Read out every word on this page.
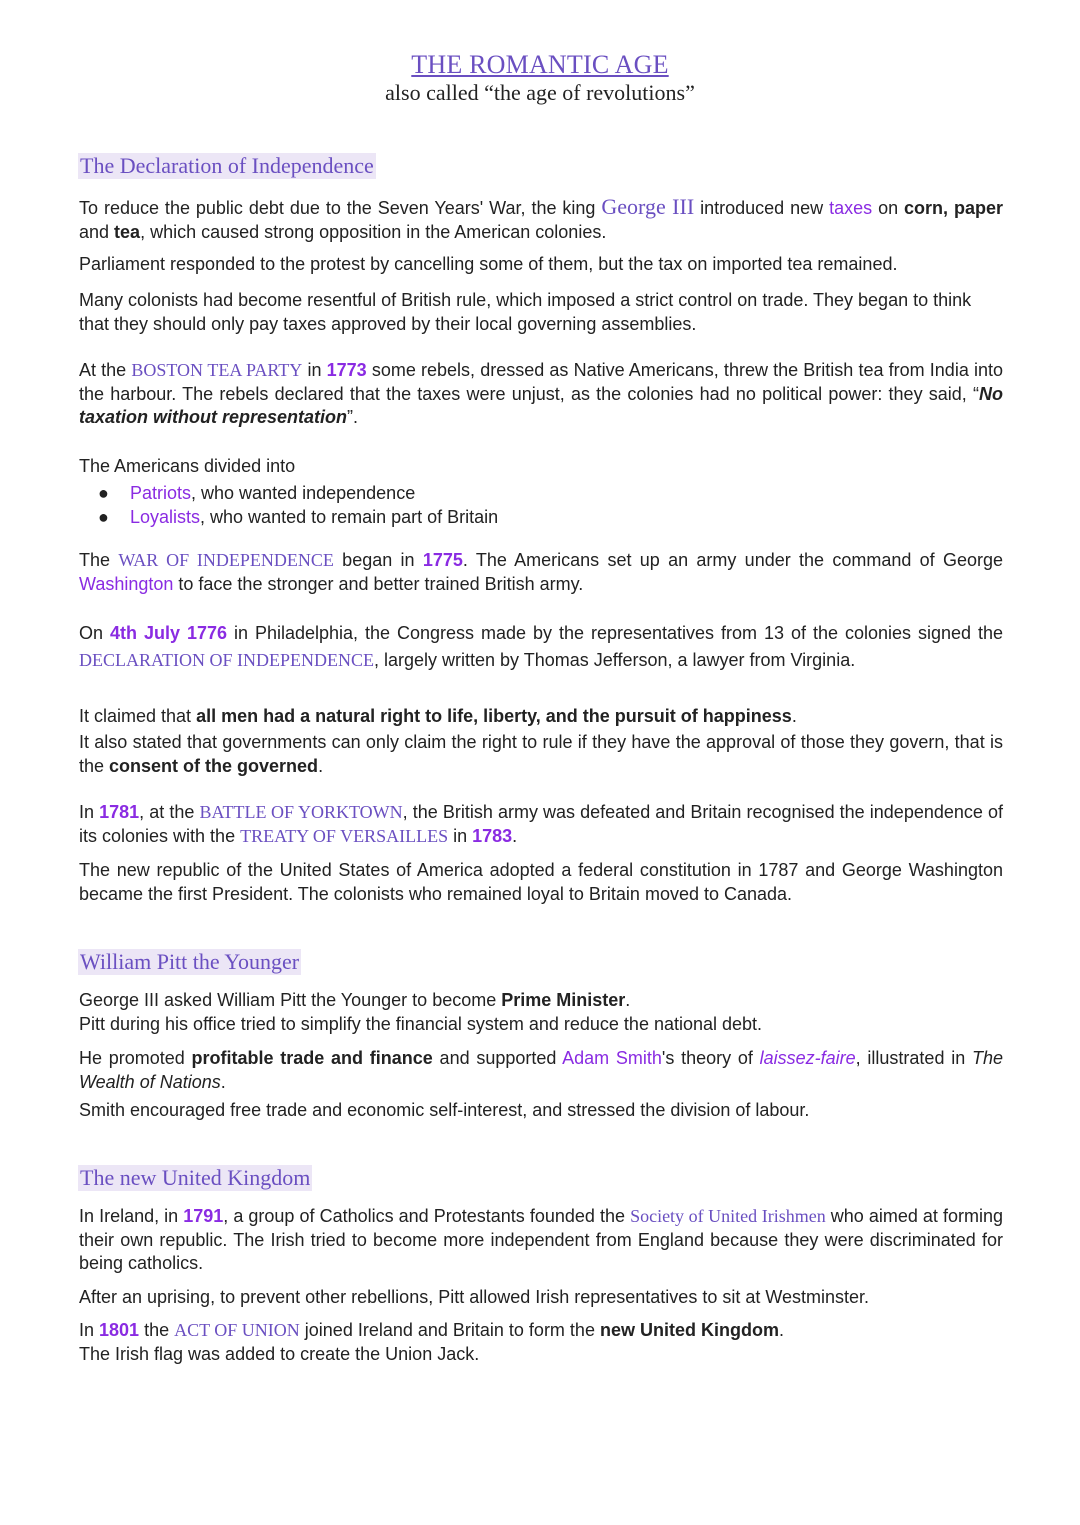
THE ROMANTIC AGE
also called “the age of revolutions”
The Declaration of Independence
To reduce the public debt due to the Seven Years' War, the king George III introduced new taxes on corn, paper and tea, which caused strong opposition in the American colonies.
Parliament responded to the protest by cancelling some of them, but the tax on imported tea remained.
Many colonists had become resentful of British rule, which imposed a strict control on trade. They began to think that they should only pay taxes approved by their local governing assemblies.
At the BOSTON TEA PARTY in 1773 some rebels, dressed as Native Americans, threw the British tea from India into the harbour. The rebels declared that the taxes were unjust, as the colonies had no political power: they said, “No taxation without representation”.
The Americans divided into
● Patriots, who wanted independence
● Loyalists, who wanted to remain part of Britain
The WAR OF INDEPENDENCE began in 1775. The Americans set up an army under the command of George Washington to face the stronger and better trained British army.
On 4th July 1776 in Philadelphia, the Congress made by the representatives from 13 of the colonies signed the DECLARATION OF INDEPENDENCE, largely written by Thomas Jefferson, a lawyer from Virginia.
It claimed that all men had a natural right to life, liberty, and the pursuit of happiness.
It also stated that governments can only claim the right to rule if they have the approval of those they govern, that is the consent of the governed.
In 1781, at the BATTLE OF YORKTOWN, the British army was defeated and Britain recognised the independence of its colonies with the TREATY OF VERSAILLES in 1783.
The new republic of the United States of America adopted a federal constitution in 1787 and George Washington became the first President. The colonists who remained loyal to Britain moved to Canada.
William Pitt the Younger
George III asked William Pitt the Younger to become Prime Minister.
Pitt during his office tried to simplify the financial system and reduce the national debt.
He promoted profitable trade and finance and supported Adam Smith's theory of laissez-faire, illustrated in The Wealth of Nations.
Smith encouraged free trade and economic self-interest, and stressed the division of labour.
The new United Kingdom
In Ireland, in 1791, a group of Catholics and Protestants founded the Society of United Irishmen who aimed at forming their own republic. The Irish tried to become more independent from England because they were discriminated for being catholics.
After an uprising, to prevent other rebellions, Pitt allowed Irish representatives to sit at Westminster.
In 1801 the ACT OF UNION joined Ireland and Britain to form the new United Kingdom.
The Irish flag was added to create the Union Jack.
